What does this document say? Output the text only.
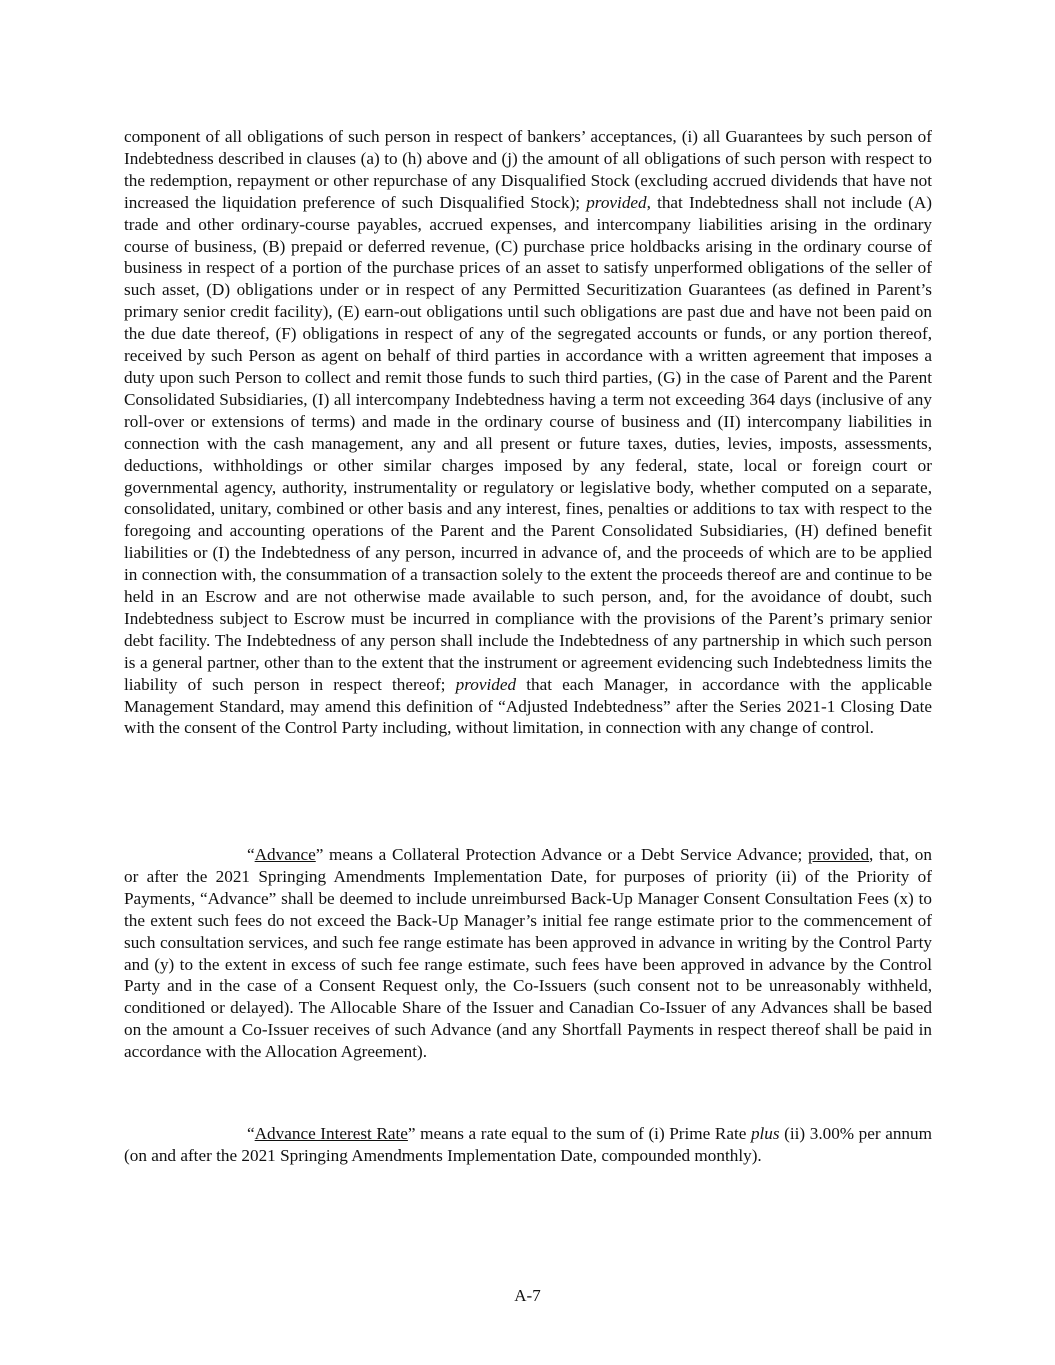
component of all obligations of such person in respect of bankers’ acceptances, (i) all Guarantees by such person of Indebtedness described in clauses (a) to (h) above and (j) the amount of all obligations of such person with respect to the redemption, repayment or other repurchase of any Disqualified Stock (excluding accrued dividends that have not increased the liquidation preference of such Disqualified Stock); provided, that Indebtedness shall not include (A) trade and other ordinary-course payables, accrued expenses, and intercompany liabilities arising in the ordinary course of business, (B) prepaid or deferred revenue, (C) purchase price holdbacks arising in the ordinary course of business in respect of a portion of the purchase prices of an asset to satisfy unperformed obligations of the seller of such asset, (D) obligations under or in respect of any Permitted Securitization Guarantees (as defined in Parent’s primary senior credit facility), (E) earn-out obligations until such obligations are past due and have not been paid on the due date thereof, (F) obligations in respect of any of the segregated accounts or funds, or any portion thereof, received by such Person as agent on behalf of third parties in accordance with a written agreement that imposes a duty upon such Person to collect and remit those funds to such third parties, (G) in the case of Parent and the Parent Consolidated Subsidiaries, (I) all intercompany Indebtedness having a term not exceeding 364 days (inclusive of any roll-over or extensions of terms) and made in the ordinary course of business and (II) intercompany liabilities in connection with the cash management, any and all present or future taxes, duties, levies, imposts, assessments, deductions, withholdings or other similar charges imposed by any federal, state, local or foreign court or governmental agency, authority, instrumentality or regulatory or legislative body, whether computed on a separate, consolidated, unitary, combined or other basis and any interest, fines, penalties or additions to tax with respect to the foregoing and accounting operations of the Parent and the Parent Consolidated Subsidiaries, (H) defined benefit liabilities or (I) the Indebtedness of any person, incurred in advance of, and the proceeds of which are to be applied in connection with, the consummation of a transaction solely to the extent the proceeds thereof are and continue to be held in an Escrow and are not otherwise made available to such person, and, for the avoidance of doubt, such Indebtedness subject to Escrow must be incurred in compliance with the provisions of the Parent’s primary senior debt facility. The Indebtedness of any person shall include the Indebtedness of any partnership in which such person is a general partner, other than to the extent that the instrument or agreement evidencing such Indebtedness limits the liability of such person in respect thereof; provided that each Manager, in accordance with the applicable Management Standard, may amend this definition of “Adjusted Indebtedness” after the Series 2021-1 Closing Date with the consent of the Control Party including, without limitation, in connection with any change of control.

“Advance” means a Collateral Protection Advance or a Debt Service Advance; provided, that, on or after the 2021 Springing Amendments Implementation Date, for purposes of priority (ii) of the Priority of Payments, “Advance” shall be deemed to include unreimbursed Back-Up Manager Consent Consultation Fees (x) to the extent such fees do not exceed the Back-Up Manager’s initial fee range estimate prior to the commencement of such consultation services, and such fee range estimate has been approved in advance in writing by the Control Party and (y) to the extent in excess of such fee range estimate, such fees have been approved in advance by the Control Party and in the case of a Consent Request only, the Co-Issuers (such consent not to be unreasonably withheld, conditioned or delayed). The Allocable Share of the Issuer and Canadian Co-Issuer of any Advances shall be based on the amount a Co-Issuer receives of such Advance (and any Shortfall Payments in respect thereof shall be paid in accordance with the Allocation Agreement).

“Advance Interest Rate” means a rate equal to the sum of (i) Prime Rate plus (ii) 3.00% per annum (on and after the 2021 Springing Amendments Implementation Date, compounded monthly).

A-7
